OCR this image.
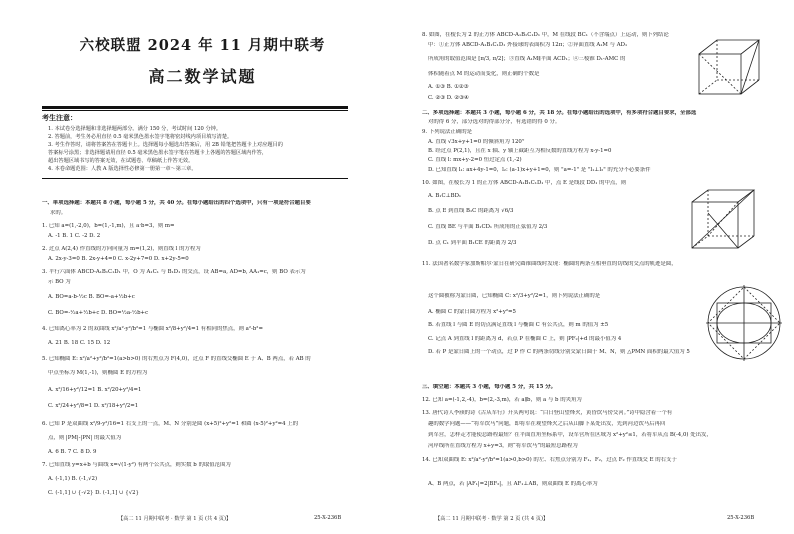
六校联盟 2024 年 11 月期中联考
高二数学试题
考生注意：
1. 本试卷分选择题和非选择题两部分。满分 150 分，考试时间 120 分钟。
2. 答题前，考生务必用直径 0.5 毫米黑色墨水签字笔将密封线内项目填写清楚。
3. 考生作答时，请将答案答在答题卡上。选择题每小题选出答案后，用 2B 铅笔把答题卡上对应题目的
答案标号涂黑；非选择题请用直径 0.5 毫米黑色墨水签字笔在答题卡上各题的答题区域内作答，
超出答题区域书写的答案无效，在试题卷、草稿纸上作答无效。
4. 本卷命题范围：人教 A 版选择性必修第一册第一章～第三章。
一、单项选择题：本题共 8 小题，每小题 5 分，共 40 分。在每小题给出的四个选项中，只有一项是符合题目要
求的。
1. 已知 a=(1,-2,0)，b=(1,-1,m)，且 a·b=3，则 m=
A. -1 B. 1 C. -2 D. 2
2. 过点 A(2,4) 作直线的方向向量为 m=(1,2)，则直线 l 的方程为
A. 2x-y-3=0 B. 2x-y+4=0 C. x-2y+7=0 D. x+2y-5=0
3. 平行六面体 ABCD-A₁B₁C₁D₁ 中，O 为 A₁C₁ 与 B₁D₁ 的交点，设 AB=a, AD=b, AA₁=c，则 BO 表示为
示 BO 为
A. BO=a-b-½c B. BO=-a+½b+c
C. BO=-½a+½b+c D. BO=½a-½b+c
4. 已知离心率为 2 的双曲线 x²/a²-y²/b²=1 与椭圆 x²/8+y²/4=1 有相同的焦点，则 a²-b²=
A. 21 B. 18 C. 15 D. 12
5. 已知椭圆 E: x²/a²+y²/b²=1(a>b>0) 的右焦点为 F(4,0)，过点 F 的直线交椭圆 E 于 A、B 两点，若 AB 的
中点坐标为 M(1,-1)，则椭圆 E 的方程为
A. x²/16+y²/12=1 B. x²/20+y²/4=1
C. x²/24+y²/8=1 D. x²/18+y²/2=1
6. 已知 P 是双曲线 x²/9-y²/16=1 右支上的一点，M、N 分别是圆 (x+5)²+y²=1 和圆 (x-5)²+y²=4 上的
点，则 |PM|-|PN| 的最大值为
A. 6 B. 7 C. 8 D. 9
7. 已知直线 y=x+b 与曲线 x=√(1-y²) 有两个公共点，则实数 b 的取值范围为
A. (-1,1) B. (-1,√2)
C. (-1,1] ∪ {-√2} D. (-1,1] ∪ {√2}
【高二 11 月期中联考 · 数学 第 1 页 (共 4 页)】	25-X-236B
8. 如图，在棱长为 2 的正方体 ABCD-A₁B₁C₁D₁ 中，M 在线段 BC₁（不含端点）上运动，则下列结论
中：①正方体 ABCD-A₁B₁C₁D₁ 外接球的表面积为 12π；②异面直线 A₁M 与 AD₁
所成角的取值范围是 [π/3, π/2]；③直线 A₁M∥平面 ACD₁；④三棱锥 D₁-AMC 的
体积随着点 M 的运动而变化，则正确的个数是
A. ①③ B. ①②③
C. ②③ D. ②③④
二、多项选择题：本题共 3 小题，每小题 6 分，共 18 分。在每小题给出的选项中，有多项符合题目要求，全部选
对的得 6 分，部分选对的得部分分，有选错的得 0 分。
9. 下列说法正确的是
A. 直线 √3x+y+1=0 的倾斜角为 120°
B. 经过点 P(2,1)，且在 x 轴、y 轴上截距互为相反数的直线方程为 x-y-1=0
C. 直线 l: mx+y-2=0 恒过定点 (1,-2)
D. 已知直线 l₁: ax+4y-1=0，l₂: (a-1)x+y+1=0，则 "a=-1" 是 "l₁⊥l₂" 的充分不必要条件
10. 如图，在棱长为 1 的正方体 ABCD-A₁B₁C₁D₁ 中，点 E 是线段 DD₁ 的中点，则
A. B₁C⊥BD₁
B. 点 E 到直线 B₁C 的距离为 √6/3
C. 直线 BE 与平面 B₁CD₁ 所成角的正弦值为 2/3
D. 点 C₁ 到平面 B₁CE 的距离为 2/3
11. 法国著名数学家加斯帕尔·蒙日在研究圆锥曲线时发现：椭圆的两条互相垂直的切线的交点的轨迹是圆，
这个圆被称为蒙日圆，已知椭圆 C: x²/3+y²/2=1，则下列说法正确的是
A. 椭圆 C 的蒙日圆方程为 x²+y²=5
B. 若直线 l 与圆 E 的切点满足直线 l 与椭圆 C 有公共点，则 m 的值为 ±5
C. 记点 A 到直线 l 的距离为 d，若点 P 在椭圆 C 上，则 |PF₂|+d 的最小值为 4
D. 若 P 是蒙日圆上的一个动点，过 P 作 C 的两条切线分别交蒙日圆于 M、N，则 △PMN 面积的最大值为 5
三、填空题：本题共 3 小题，每小题 5 分，共 15 分。
12. 已知 a=(-1,2,-4)，b=(2,-3,m)，若 a∥b，则 a 与 b 的夹角为
13. 唐代诗人李颀的诗《古从军行》开头两句说：“白日登山望烽火，黄昏饮马傍交河。”诗中隐含着一个有
趣的数学问题——“将军饮马”问题，即将军在观望烽火之后从山脚下某处出发，先到河边饮马后再回
到军营，怎样走才能使总路程最短？在平面直角坐标系中，设军营所在区域为 x²+y²≤1，若将军从点 B(-4,0) 处出发，
河岸线所在直线方程为 x+y=3，则“将军饮马”的最短总路程为
14. 已知双曲线 E: x²/a²-y²/b²=1(a>0,b>0) 的左、右焦点分别为 F₁、F₂，过点 F₂ 作直线交 E 的右支于
A、B 两点，若 |AF₁|=2|BF₂|，且 AF₁⊥AB，则双曲线 E 的离心率为
【高二 11 月期中联考 · 数学 第 2 页 (共 4 页)】	25-X-236B
